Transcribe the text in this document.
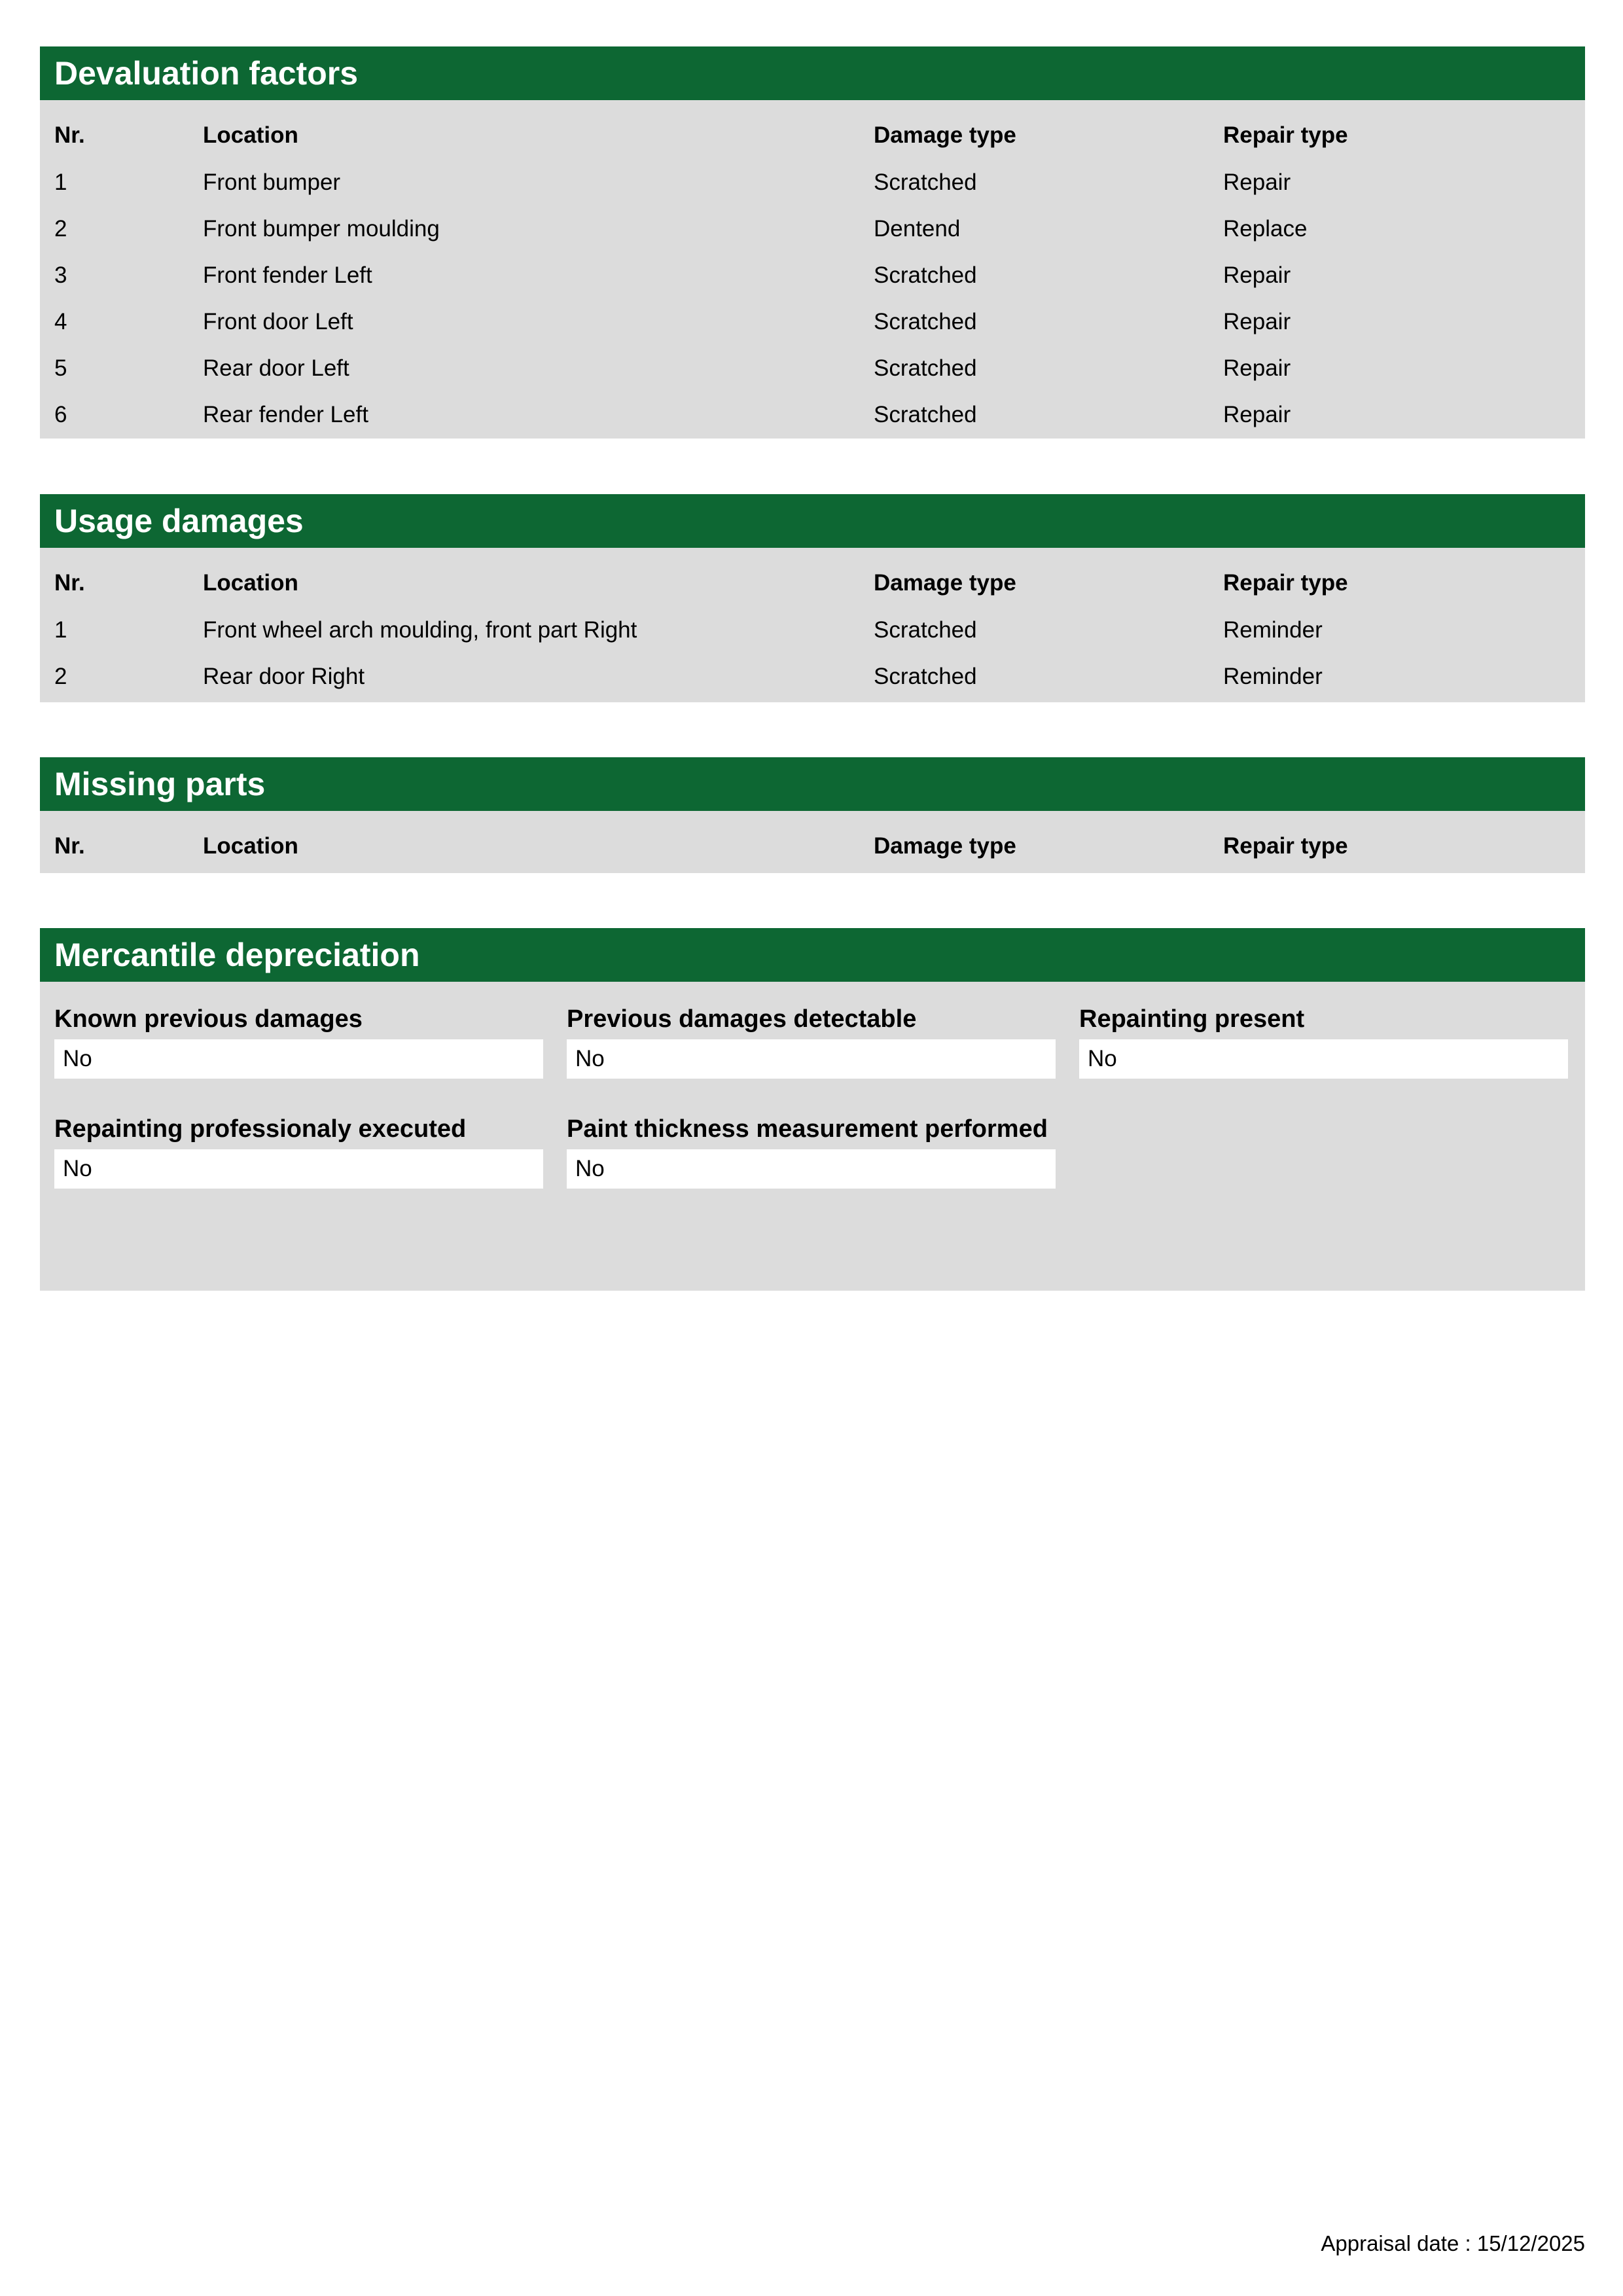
Devaluation factors
Nr.	Location	Damage type	Repair type
1	Front bumper	Scratched	Repair
2	Front bumper moulding	Dentend	Replace
3	Front fender Left	Scratched	Repair
4	Front door Left	Scratched	Repair
5	Rear door Left	Scratched	Repair
6	Rear fender Left	Scratched	Repair
Usage damages
Nr.	Location	Damage type	Repair type
1	Front wheel arch moulding, front part Right	Scratched	Reminder
2	Rear door Right	Scratched	Reminder
Missing parts
Nr.	Location	Damage type	Repair type
Mercantile depreciation
Known previous damages
No
Previous damages detectable
No
Repainting present
No
Repainting professionaly executed
No
Paint thickness measurement performed
No
Appraisal date : 15/12/2025
